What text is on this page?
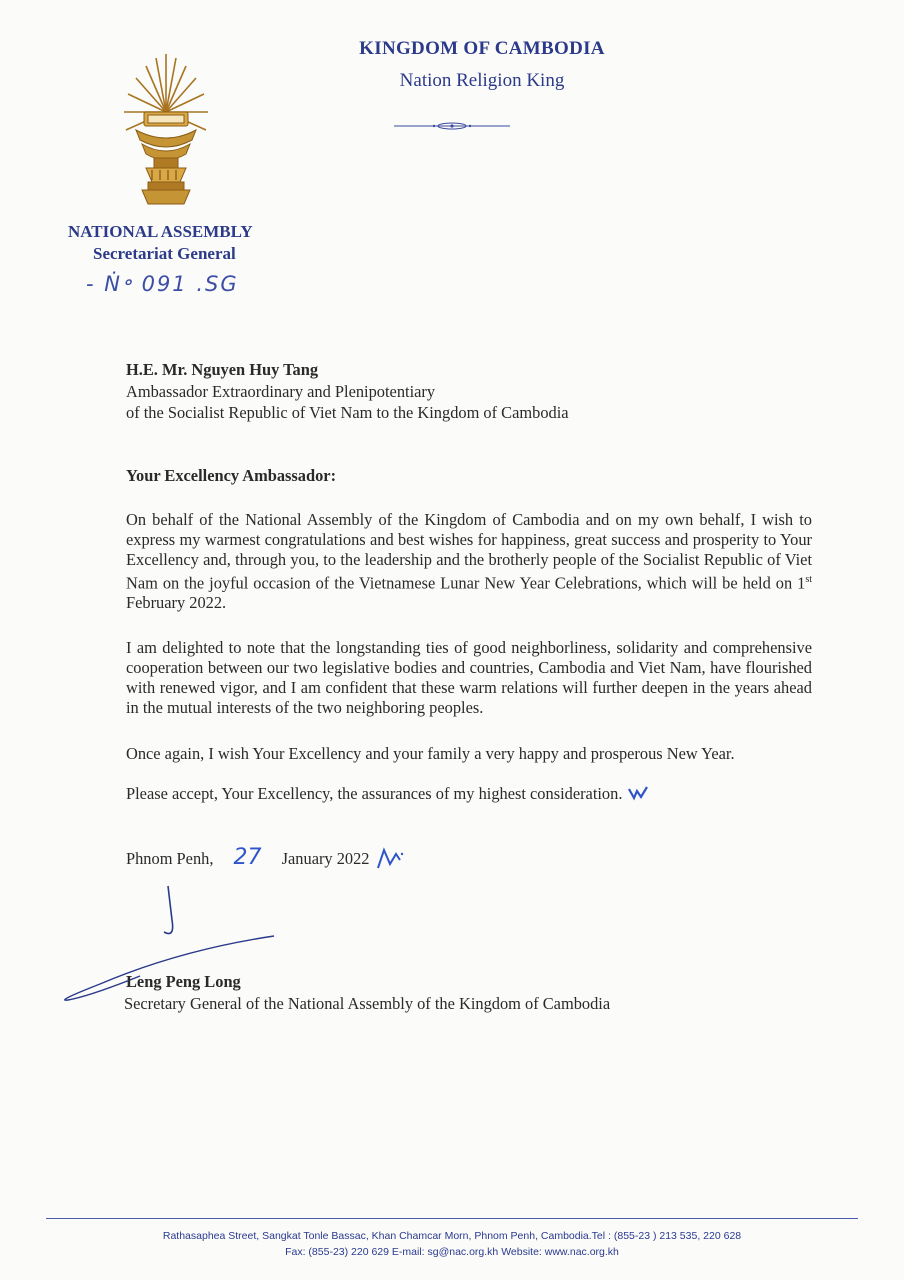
KINGDOM OF CAMBODIA
Nation Religion King
NATIONAL ASSEMBLY
Secretariat General
- Ṅ॰ 091 .SG
H.E. Mr. Nguyen Huy Tang
Ambassador Extraordinary and Plenipotentiary
of the Socialist Republic of Viet Nam to the Kingdom of Cambodia
Your Excellency Ambassador:
On behalf of the National Assembly of the Kingdom of Cambodia and on my own behalf, I wish to express my warmest congratulations and best wishes for happiness, great success and prosperity to Your Excellency and, through you, to the leadership and the brotherly people of the Socialist Republic of Viet Nam on the joyful occasion of the Vietnamese Lunar New Year Celebrations, which will be held on 1st February 2022.
I am delighted to note that the longstanding ties of good neighborliness, solidarity and comprehensive cooperation between our two legislative bodies and countries, Cambodia and Viet Nam, have flourished with renewed vigor, and I am confident that these warm relations will further deepen in the years ahead in the mutual interests of the two neighboring peoples.
Once again, I wish Your Excellency and your family a very happy and prosperous New Year.
Please accept, Your Excellency, the assurances of my highest consideration.
Phnom Penh, 27 January 2022
Leng Peng Long
Secretary General of the National Assembly of the Kingdom of Cambodia
Rathasaphea Street, Sangkat Tonle Bassac, Khan Chamcar Morn, Phnom Penh, Cambodia.Tel : (855-23 ) 213 535, 220 628
Fax: (855-23) 220 629 E-mail: sg@nac.org.kh Website: www.nac.org.kh
